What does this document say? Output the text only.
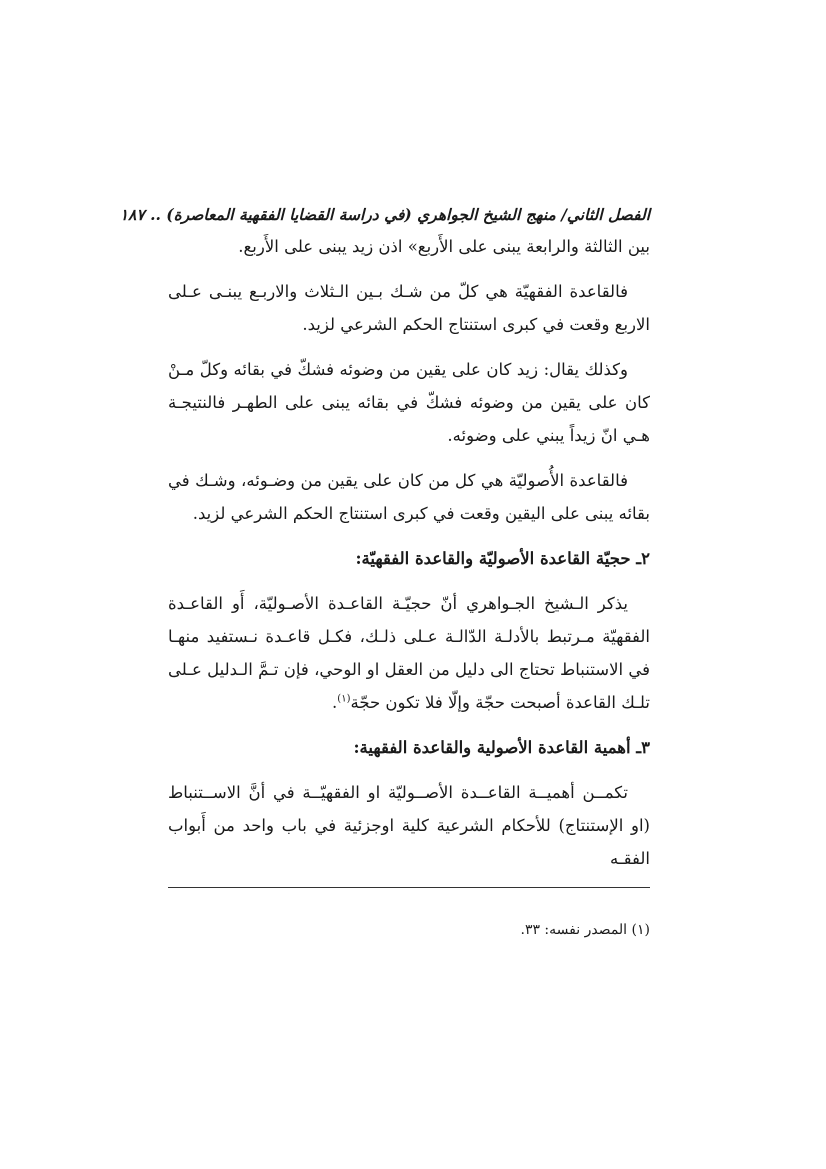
الفصل الثاني/ منهج الشيخ الجواهري (في دراسة القضايا الفقهية المعاصرة) .. ١٨٧

بين الثالثة والرابعة يبنى على الأَربع» اذن زيد يبنى على الأَربع.

فالقاعدة الفقهيّة هي كلّ من شـك بـين الـثلاث والاربـع يبنـى عـلى الاربع وقعت في كبرى استنتاج الحكم الشرعي لزيد.

وكذلك يقال: زيد كان على يقين من وضوئه فشكّ في بقائه وكلّ مـنْ كان على يقين من وضوئه فشكّ في بقائه يبنى على الطهـر فالنتيجـة هـي انّ زيداً يبني على وضوئه.

فالقاعدة الأُصوليّة هي كل من كان على يقين من وضـوئه، وشـك في بقائه يبنى على اليقين وقعت في كبرى استنتاج الحكم الشرعي لزيد.

٢ـ حجيّة القاعدة الأصوليّة والقاعدة الفقهيّة:

يذكر الـشيخ الجـواهري أنّ حجيّـة القاعـدة الأصـوليّة، أَو القاعـدة الفقهيّة مـرتبط بالأدلـة الدّالـة عـلى ذلـك، فكـل قاعـدة نـستفيد منهـا في الاستنباط تحتاج الى دليل من العقل او الوحي، فإن تـمَّ الـدليل عـلى تلـك القاعدة أصبحت حجّة وإلّا فلا تكون حجّة$^{(١)}$.

٣ـ أهمية القاعدة الأصولية والقاعدة الفقهية:

تكمــن أهميــة القاعــدة الأصــوليّة او الفقهيّــة في أنَّ الاســتنباط (او الإستنتاج) للأحكام الشرعية كلية اوجزئية في باب واحد من أَبواب الفقـه

(١) المصدر نفسه: ٣٣.
